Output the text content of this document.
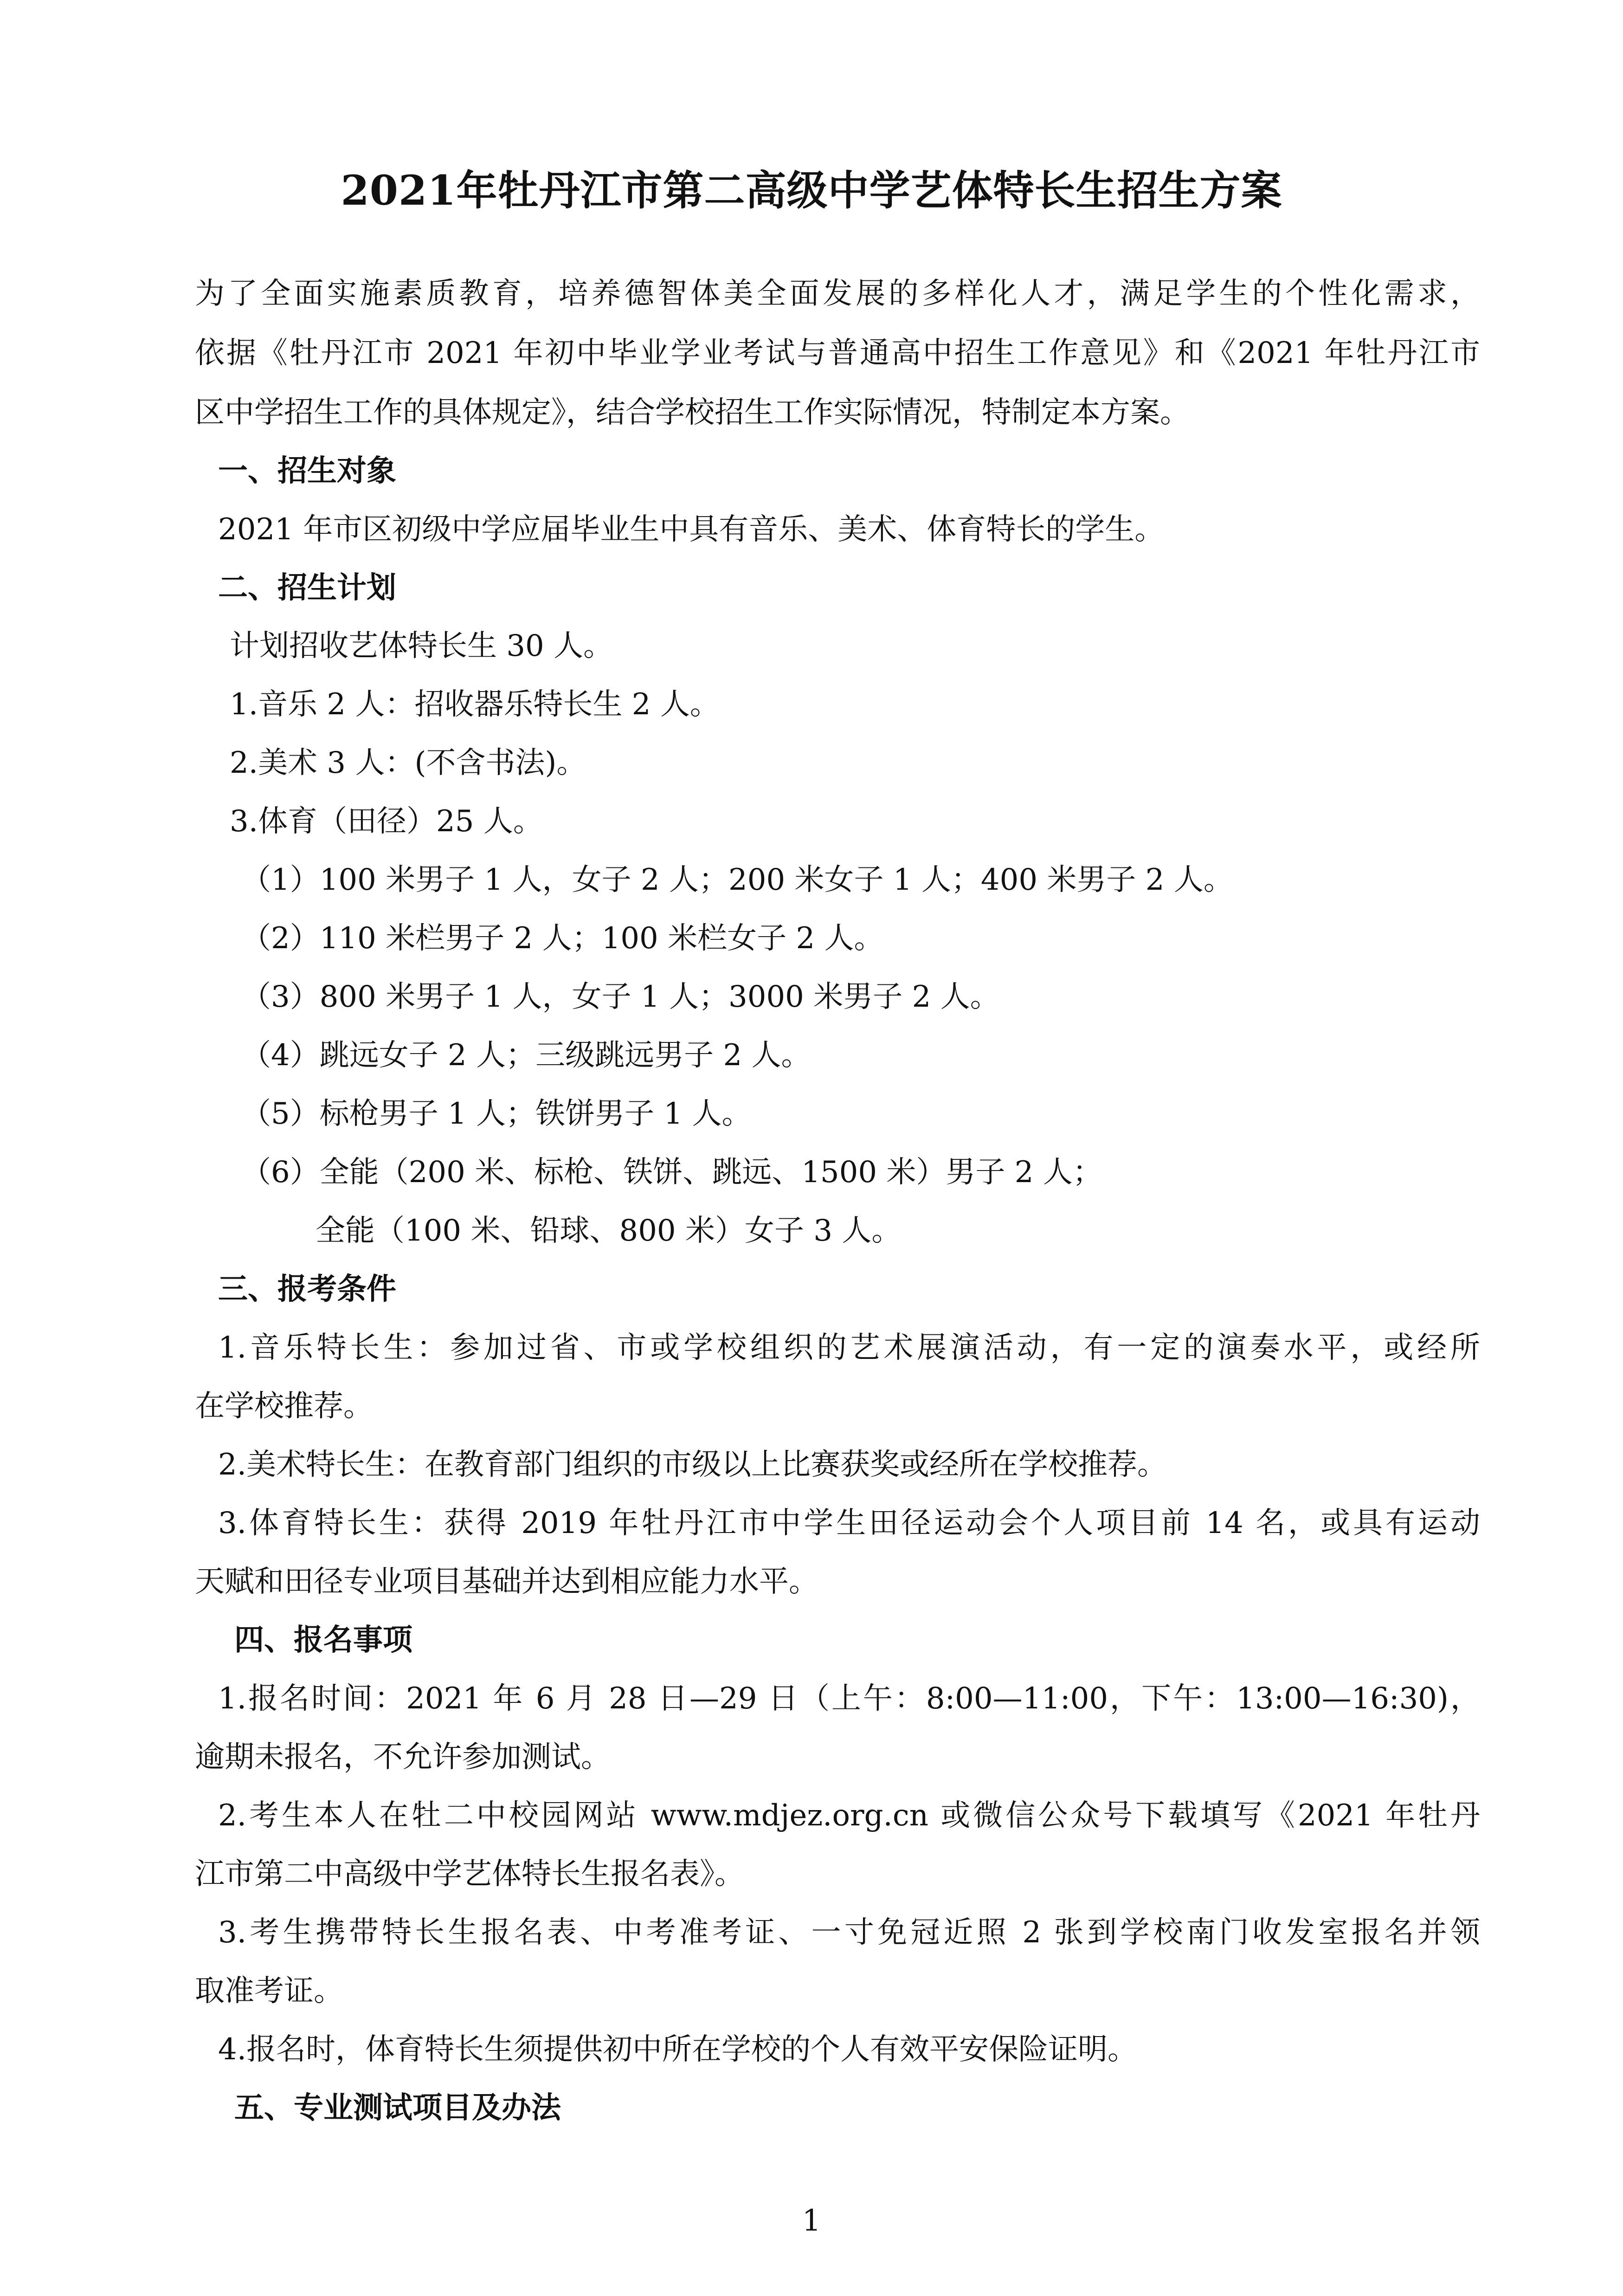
2021年牡丹江市第二高级中学艺体特长生招生方案
为了全面实施素质教育，培养德智体美全面发展的多样化人才，满足学生的个性化需求，
依据《牡丹江市 2021 年初中毕业学业考试与普通高中招生工作意见》和《2021 年牡丹江市
区中学招生工作的具体规定》，结合学校招生工作实际情况，特制定本方案。
一、招生对象
2021 年市区初级中学应届毕业生中具有音乐、美术、体育特长的学生。
二、招生计划
计划招收艺体特长生 30 人。
1.音乐 2 人：招收器乐特长生 2 人。
2.美术 3 人：(不含书法)。
3.体育（田径）25 人。
（1）100 米男子 1 人，女子 2 人；200 米女子 1 人；400 米男子 2 人。
（2）110 米栏男子 2 人；100 米栏女子 2 人。
（3）800 米男子 1 人，女子 1 人；3000 米男子 2 人。
（4）跳远女子 2 人；三级跳远男子 2 人。
（5）标枪男子 1 人；铁饼男子 1 人。
（6）全能（200 米、标枪、铁饼、跳远、1500 米）男子 2 人；
全能（100 米、铅球、800 米）女子 3 人。
三、报考条件
1.音乐特长生：参加过省、市或学校组织的艺术展演活动，有一定的演奏水平，或经所
在学校推荐。
2.美术特长生：在教育部门组织的市级以上比赛获奖或经所在学校推荐。
3.体育特长生：获得 2019 年牡丹江市中学生田径运动会个人项目前 14 名，或具有运动
天赋和田径专业项目基础并达到相应能力水平。
四、报名事项
1.报名时间：2021 年 6 月 28 日—29 日（上午：8:00—11:00，下午：13:00—16:30)，
逾期未报名，不允许参加测试。
2.考生本人在牡二中校园网站 www.mdjez.org.cn 或微信公众号下载填写《2021 年牡丹
江市第二中高级中学艺体特长生报名表》。
3.考生携带特长生报名表、中考准考证、一寸免冠近照 2 张到学校南门收发室报名并领
取准考证。
4.报名时，体育特长生须提供初中所在学校的个人有效平安保险证明。
五、专业测试项目及办法
1
